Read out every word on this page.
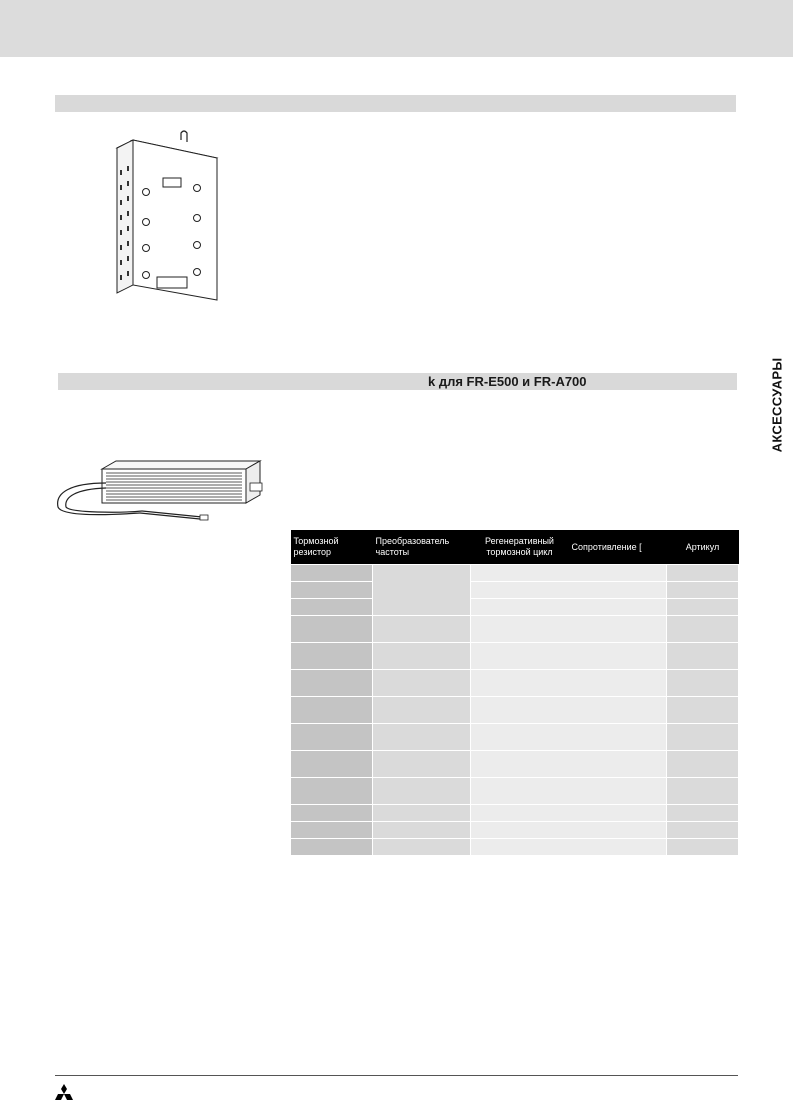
k для FR-E500 и FR-A700	АКСЕССУАРЫ
Тормозной резистор	Преобразователь частоты	Регенеративный тормозной цикл	Сопротивление [	Артикул
